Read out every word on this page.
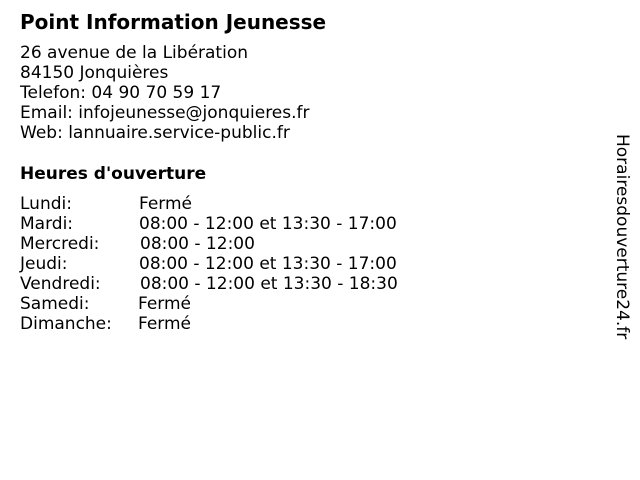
Point Information Jeunesse
26 avenue de la Libération
84150 Jonquières
Telefon: 04 90 70 59 17
Email: infojeunesse@jonquieres.fr
Web: lannuaire.service-public.fr
Heures d'ouverture
Lundi:	Fermé
Mardi:	08:00 - 12:00 et 13:30 - 17:00
Mercredi: 08:00 - 12:00
Jeudi:	08:00 - 12:00 et 13:30 - 17:00
Vendredi: 08:00 - 12:00 et 13:30 - 18:30
Samedi:	Fermé
Dimanche: Fermé	Horairesdouverture24.fr
